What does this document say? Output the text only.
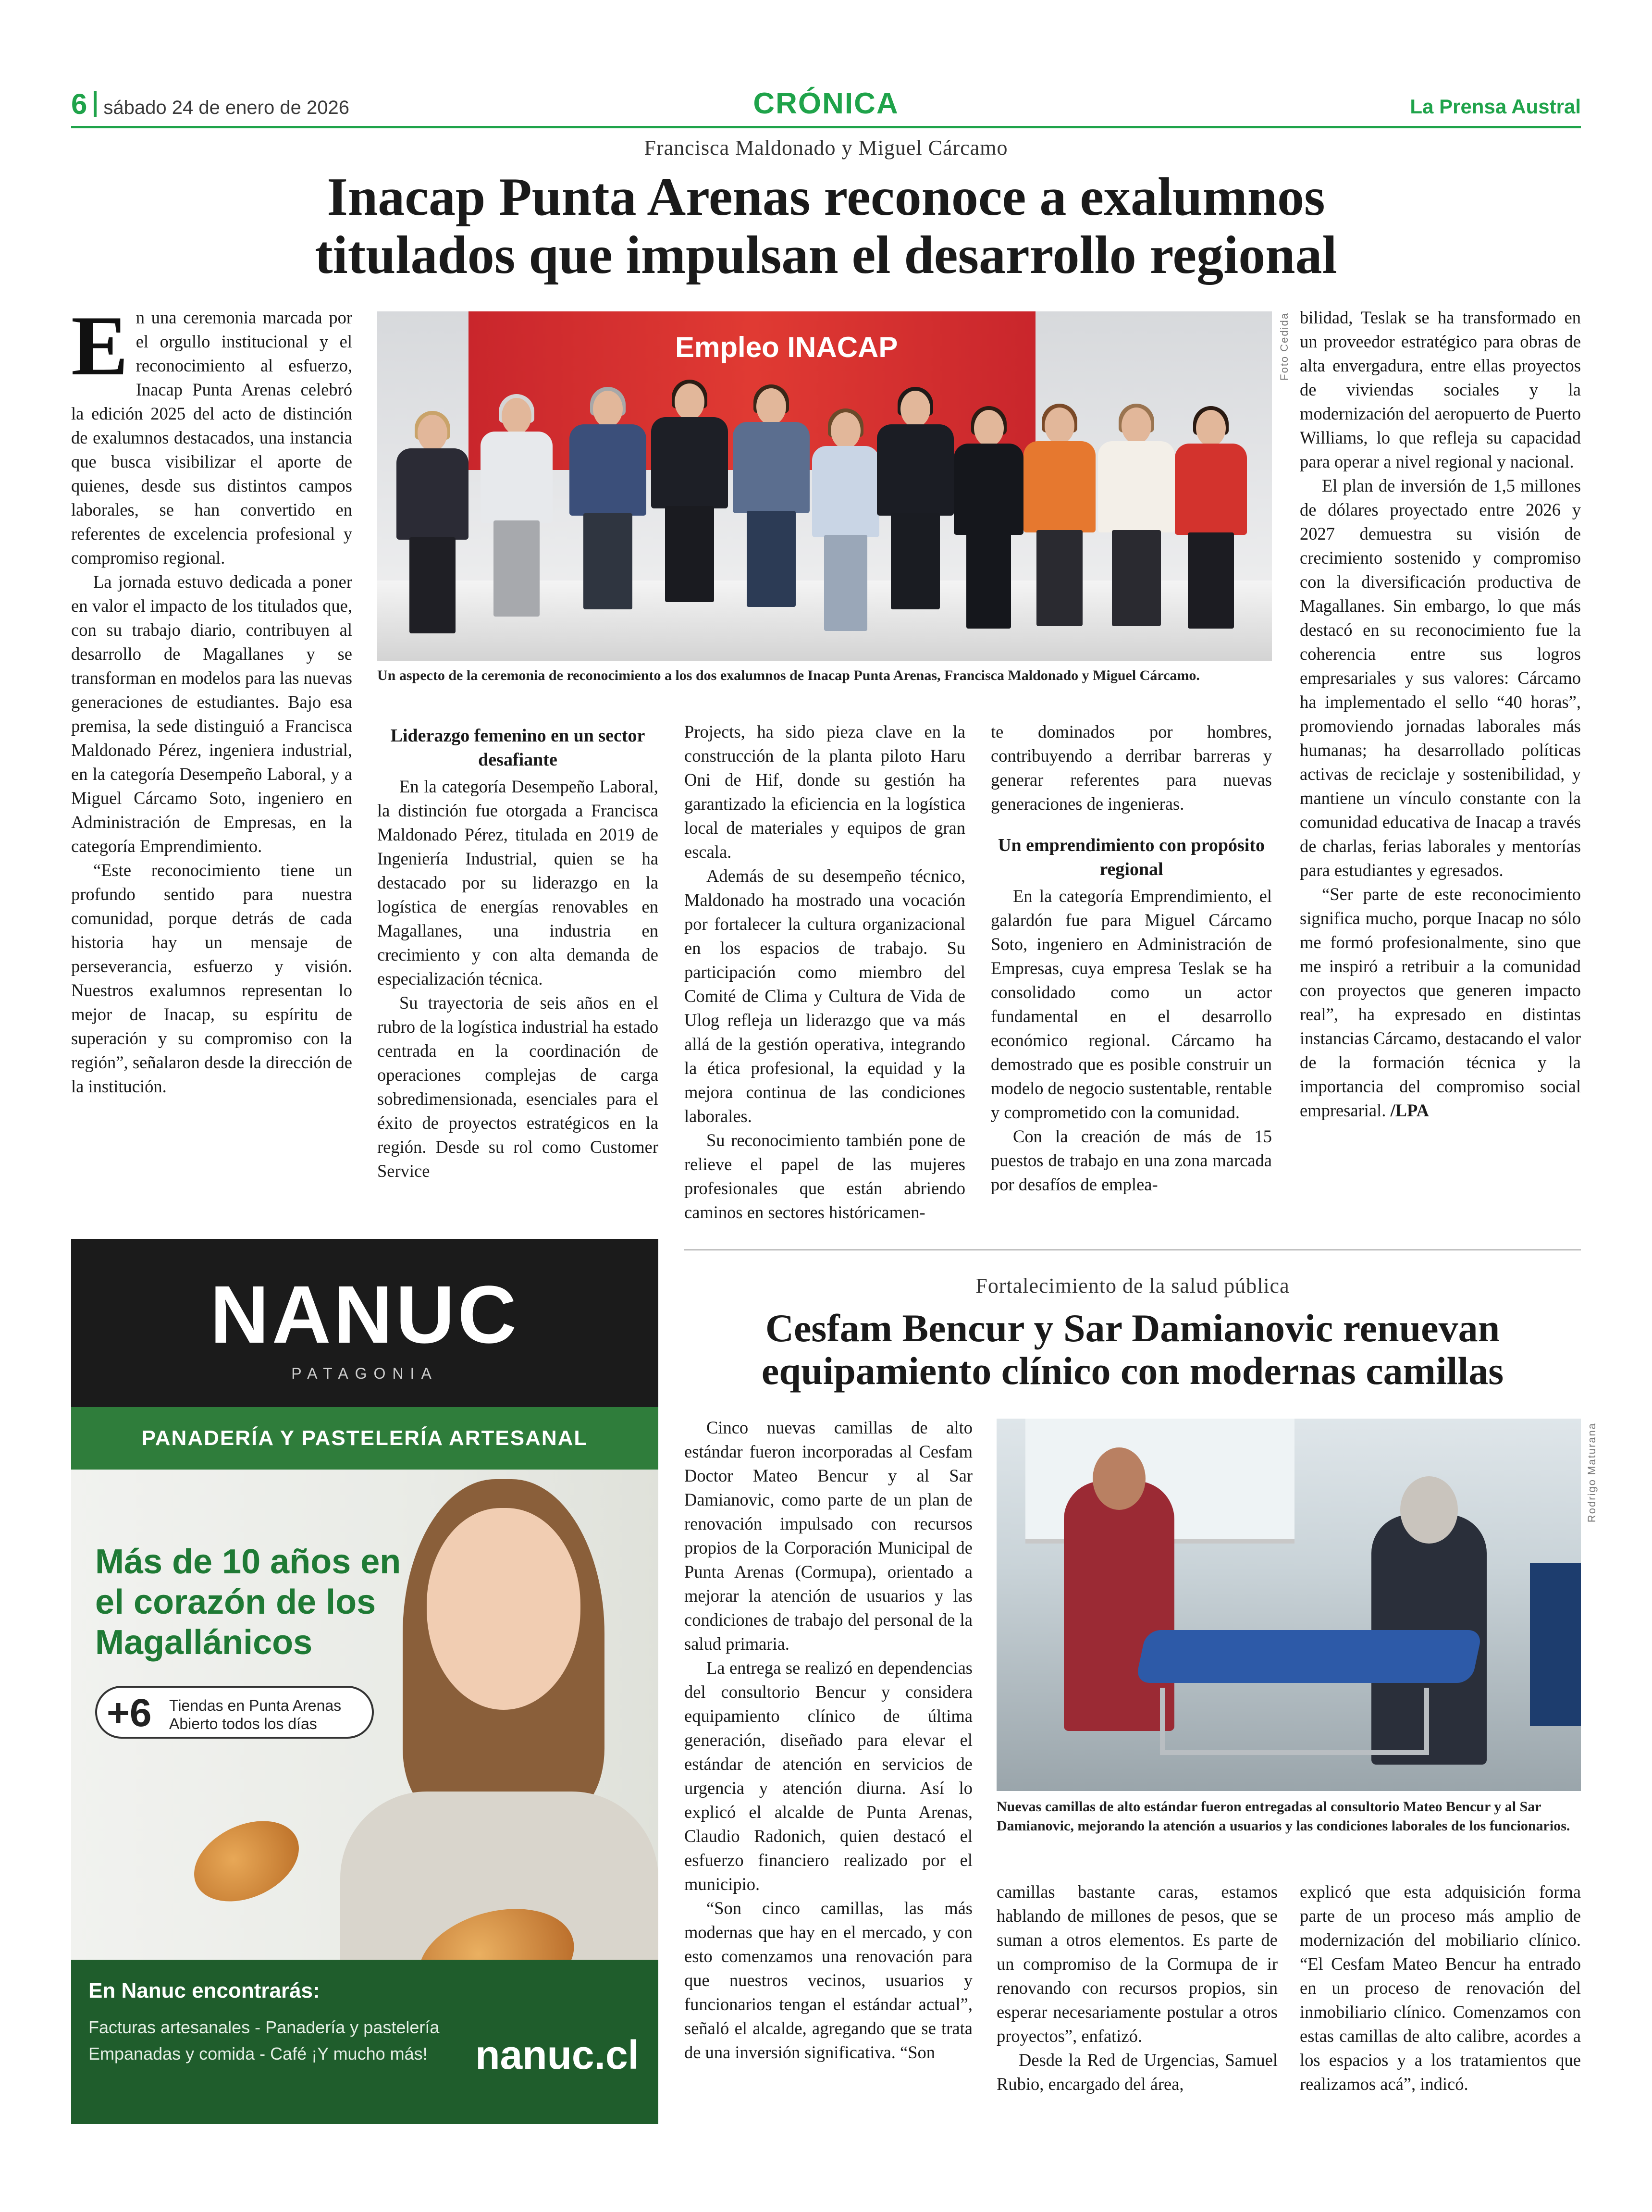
6 sábado 24 de enero de 2026	CRÓNICA	La Prensa Austral
Francisca Maldonado y Miguel Cárcamo
Inacap Punta Arenas reconoce a exalumnos
titulados que impulsan el desarrollo regional

En una ceremonia marcada por el orgullo institucional y el reconocimiento al esfuerzo, Inacap Punta Arenas celebró la edición 2025 del acto de distinción de exalumnos destacados, una instancia que busca visibilizar el aporte de quienes, desde sus distintos campos laborales, se han convertido en referentes de excelencia profesional y compromiso regional.

La jornada estuvo dedicada a poner en valor el impacto de los titulados que, con su trabajo diario, contribuyen al desarrollo de Magallanes y se transforman en modelos para las nuevas generaciones de estudiantes. Bajo esa premisa, la sede distinguió a Francisca Maldonado Pérez, ingeniera industrial, en la categoría Desempeño Laboral, y a Miguel Cárcamo Soto, ingeniero en Administración de Empresas, en la categoría Emprendimiento.

“Este reconocimiento tiene un profundo sentido para nuestra comunidad, porque detrás de cada historia hay un mensaje de perseverancia, esfuerzo y visión. Nuestros exalumnos representan lo mejor de Inacap, su espíritu de superación y su compromiso con la región”, señalaron desde la dirección de la institución.

Empleo INACAP	Foto Cedida
Un aspecto de la ceremonia de reconocimiento a los dos exalumnos de Inacap Punta Arenas, Francisca Maldonado y Miguel Cárcamo.
Liderazgo femenino en un sector desafiante

En la categoría Desempeño Laboral, la distinción fue otorgada a Francisca Maldonado Pérez, titulada en 2019 de Ingeniería Industrial, quien se ha destacado por su liderazgo en la logística de energías renovables en Magallanes, una industria en crecimiento y con alta demanda de especialización técnica.

Su trayectoria de seis años en el rubro de la logística industrial ha estado centrada en la coordinación de operaciones complejas de carga sobredimensionada, esenciales para el éxito de proyectos estratégicos en la región. Desde su rol como Customer Service

Projects, ha sido pieza clave en la construcción de la planta piloto Haru Oni de Hif, donde su gestión ha garantizado la eficiencia en la logística local de materiales y equipos de gran escala.

Además de su desempeño técnico, Maldonado ha mostrado una vocación por fortalecer la cultura organizacional en los espacios de trabajo. Su participación como miembro del Comité de Clima y Cultura de Vida de Ulog refleja un liderazgo que va más allá de la gestión operativa, integrando la ética profesional, la equidad y la mejora continua de las condiciones laborales.

Su reconocimiento también pone de relieve el papel de las mujeres profesionales que están abriendo caminos en sectores históricamen-

te dominados por hombres, contribuyendo a derribar barreras y generar referentes para nuevas generaciones de ingenieras.

Un emprendimiento con propósito regional

En la categoría Emprendimiento, el galardón fue para Miguel Cárcamo Soto, ingeniero en Administración de Empresas, cuya empresa Teslak se ha consolidado como un actor fundamental en el desarrollo económico regional. Cárcamo ha demostrado que es posible construir un modelo de negocio sustentable, rentable y comprometido con la comunidad.

Con la creación de más de 15 puestos de trabajo en una zona marcada por desafíos de emplea-

bilidad, Teslak se ha transformado en un proveedor estratégico para obras de alta envergadura, entre ellas proyectos de viviendas sociales y la modernización del aeropuerto de Puerto Williams, lo que refleja su capacidad para operar a nivel regional y nacional.

El plan de inversión de 1,5 millones de dólares proyectado entre 2026 y 2027 demuestra su visión de crecimiento sostenido y compromiso con la diversificación productiva de Magallanes. Sin embargo, lo que más destacó en su reconocimiento fue la coherencia entre sus logros empresariales y sus valores: Cárcamo ha implementado el sello “40 horas”, promoviendo jornadas laborales más humanas; ha desarrollado políticas activas de reciclaje y sostenibilidad, y mantiene un vínculo constante con la comunidad educativa de Inacap a través de charlas, ferias laborales y mentorías para estudiantes y egresados.

“Ser parte de este reconocimiento significa mucho, porque Inacap no sólo me formó profesionalmente, sino que me inspiró a retribuir a la comunidad con proyectos que generen impacto real”, ha expresado en distintas instancias Cárcamo, destacando el valor de la formación técnica y la importancia del compromiso social empresarial. /LPA

NANUC
PATAGONIA
PANADERÍA Y PASTELERÍA ARTESANAL
Más de 10 años en el corazón de los Magallánicos
+6 Tiendas en Punta Arenas
Abierto todos los días
En Nanuc encontrarás:
Facturas artesanales - Panadería y pastelería
Empanadas y comida - Café ¡Y mucho más! nanuc.cl
Fortalecimiento de la salud pública
Cesfam Bencur y Sar Damianovic renuevan
equipamiento clínico con modernas camillas

Cinco nuevas camillas de alto estándar fueron incorporadas al Cesfam Doctor Mateo Bencur y al Sar Damianovic, como parte de un plan de renovación impulsado con recursos propios de la Corporación Municipal de Punta Arenas (Cormupa), orientado a mejorar la atención de usuarios y las condiciones de trabajo del personal de la salud primaria.

La entrega se realizó en dependencias del consultorio Bencur y considera equipamiento clínico de última generación, diseñado para elevar el estándar de atención en servicios de urgencia y atención diurna. Así lo explicó el alcalde de Punta Arenas, Claudio Radonich, quien destacó el esfuerzo financiero realizado por el municipio.

“Son cinco camillas, las más modernas que hay en el mercado, y con esto comenzamos una renovación para que nuestros vecinos, usuarios y funcionarios tengan el estándar actual”, señaló el alcalde, agregando que se trata de una inversión significativa. “Son

Rodrigo Maturana
Nuevas camillas de alto estándar fueron entregadas al consultorio Mateo Bencur y al Sar Damianovic, mejorando la atención a usuarios y las condiciones laborales de los funcionarios.

camillas bastante caras, estamos hablando de millones de pesos, que se suman a otros elementos. Es parte de un compromiso de la Cormupa de ir renovando con recursos propios, sin esperar necesariamente postular a otros proyectos”, enfatizó.

Desde la Red de Urgencias, Samuel Rubio, encargado del área,

explicó que esta adquisición forma parte de un proceso más amplio de modernización del mobiliario clínico. “El Cesfam Mateo Bencur ha entrado en un proceso de renovación del inmobiliario clínico. Comenzamos con estas camillas de alto calibre, acordes a los espacios y a los tratamientos que realizamos acá”, indicó.
